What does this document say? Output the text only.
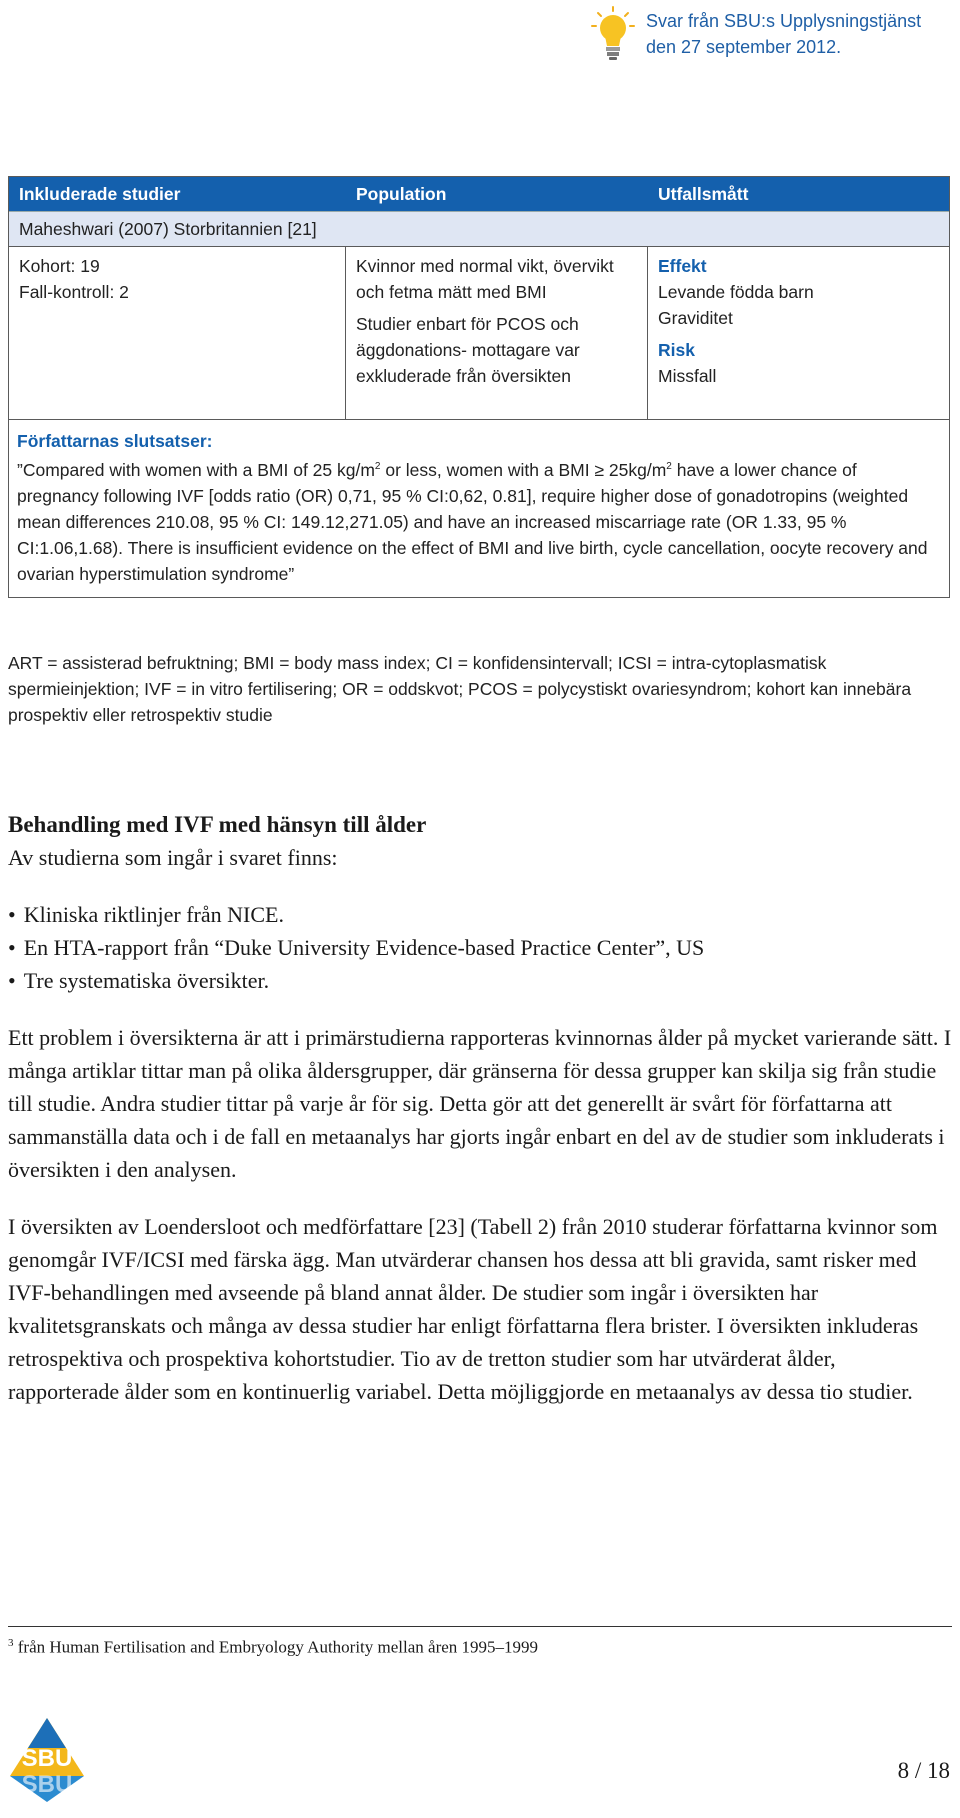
Svar från SBU:s Upplysningstjänst
den 27 september 2012.
Inkluderade studier	Population	Utfallsmått
Maheshwari (2007) Storbritannien [21]
Kohort: 19
Fall-kontroll: 2

Kvinnor med normal vikt, övervikt och fetma mätt med BMI

Studier enbart för PCOS och äggdonations- mottagare var exkluderade från översikten

Effekt
Levande födda barn
Graviditet
Risk
Missfall
Författarnas slutsatser:
”Compared with women with a BMI of 25 $kg/m^2$ or less, women with a BMI ≥ $25kg/m^2$ have a lower chance of pregnancy following IVF [odds ratio (OR) 0,71, 95 % CI:0,62, 0.81], require higher dose of gonadotropins (weighted mean differences 210.08, 95 % CI: 149.12,271.05) and have an increased miscarriage rate (OR 1.33, 95 % CI:1.06,1.68). There is insufficient evidence on the effect of BMI and live birth, cycle cancellation, oocyte recovery and ovarian hyperstimulation syndrome”
ART = assisterad befruktning; BMI = body mass index; CI = konfidensintervall; ICSI = intra-cytoplasmatisk spermieinjektion; IVF = in vitro fertilisering; OR = oddskvot; PCOS = polycystiskt ovariesyndrom; kohort kan innebära prospektiv eller retrospektiv studie
Behandling med IVF med hänsyn till ålder

Av studierna som ingår i svaret finns:

• Kliniska riktlinjer från NICE.
• En HTA-rapport från “Duke University Evidence-based Practice Center”, US
• Tre systematiska översikter.

Ett problem i översikterna är att i primärstudierna rapporteras kvinnornas ålder på mycket varierande sätt. I många artiklar tittar man på olika åldersgrupper, där gränserna för dessa grupper kan skilja sig från studie till studie. Andra studier tittar på varje år för sig. Detta gör att det generellt är svårt för författarna att sammanställa data och i de fall en metaanalys har gjorts ingår enbart en del av de studier som inkluderats i översikten i den analysen.

I översikten av Loendersloot och medförfattare [23] (Tabell 2) från 2010 studerar författarna kvinnor som genomgår IVF/ICSI med färska ägg. Man utvärderar chansen hos dessa att bli gravida, samt risker med IVF-behandlingen med avseende på bland annat ålder. De studier som ingår i översikten har kvalitetsgranskats och många av dessa studier har enligt författarna flera brister. I översikten inkluderas retrospektiva och prospektiva kohortstudier. Tio av de tretton studier som har utvärderat ålder, rapporterade ålder som en kontinuerlig variabel. Detta möjliggjorde en metaanalys av dessa tio studier.

$^3$ från Human Fertilisation and Embryology Authority mellan åren 1995–1999
SBU
SBU
8 / 18
